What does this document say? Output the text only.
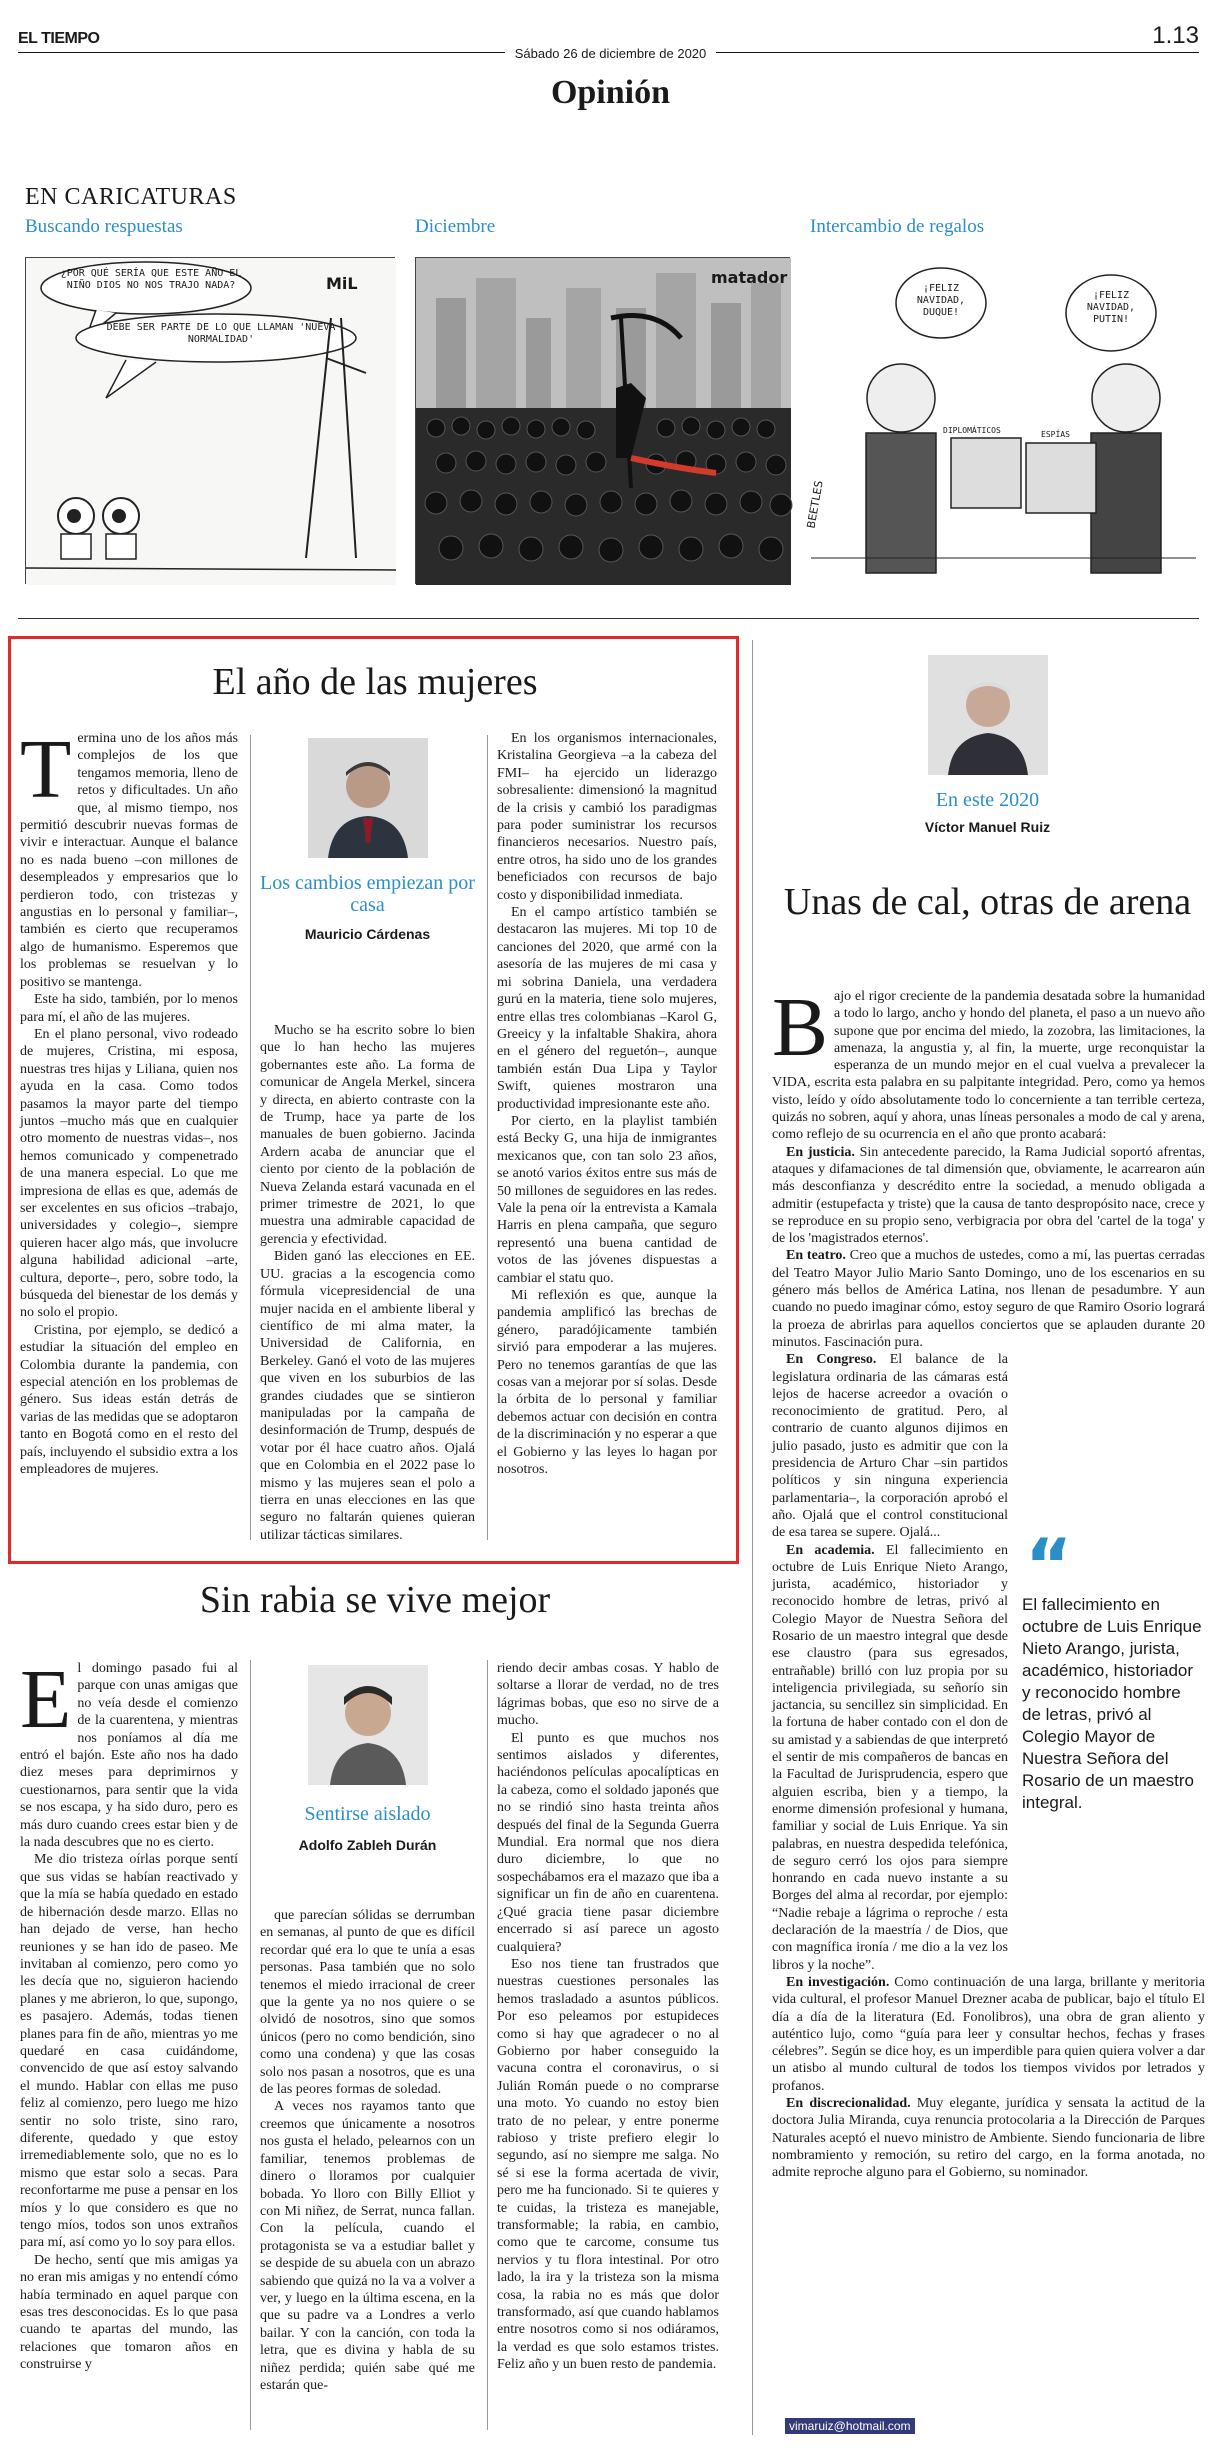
EL TIEMPO
Sábado 26 de diciembre de 2020
1.13
Opinión
EN CARICATURAS
Buscando respuestas	Diciembre	Intercambio de regalos
¿POR QUÉ SERÍA QUE ESTE AÑO EL NIÑO DIOS NO NOS TRAJO NADA?
DEBE SER PARTE DE LO QUE LLAMAN 'NUEVA NORMALIDAD'
MiL	matador
¡FELIZ NAVIDAD, DUQUE!
¡FELIZ NAVIDAD, PUTIN!
DIPLOMÁTICOS	ESPÍAS
BEETLES
El año de las mujeres

Termina uno de los años más complejos de los que tengamos memoria, lleno de retos y dificultades. Un año que, al mismo tiempo, nos permitió descubrir nuevas formas de vivir e interactuar. Aunque el balance no es nada bueno –con millones de desempleados y empresarios que lo perdieron todo, con tristezas y angustias en lo personal y familiar–, también es cierto que recuperamos algo de humanismo. Esperemos que los problemas se resuelvan y lo positivo se mantenga.

Este ha sido, también, por lo menos para mí, el año de las mujeres.

En el plano personal, vivo rodeado de mujeres, Cristina, mi esposa, nuestras tres hijas y Liliana, quien nos ayuda en la casa. Como todos pasamos la mayor parte del tiempo juntos –mucho más que en cualquier otro momento de nuestras vidas–, nos hemos comunicado y compenetrado de una manera especial. Lo que me impresiona de ellas es que, además de ser excelentes en sus oficios –trabajo, universidades y colegio–, siempre quieren hacer algo más, que involucre alguna habilidad adicional –arte, cultura, deporte–, pero, sobre todo, la búsqueda del bienestar de los demás y no solo el propio.

Cristina, por ejemplo, se dedicó a estudiar la situación del empleo en Colombia durante la pandemia, con especial atención en los problemas de género. Sus ideas están detrás de varias de las medidas que se adoptaron tanto en Bogotá como en el resto del país, incluyendo el subsidio extra a los empleadores de mujeres.

Los cambios empiezan por casa
Mauricio Cárdenas

Mucho se ha escrito sobre lo bien que lo han hecho las mujeres gobernantes este año. La forma de comunicar de Angela Merkel, sincera y directa, en abierto contraste con la de Trump, hace ya parte de los manuales de buen gobierno. Jacinda Ardern acaba de anunciar que el ciento por ciento de la población de Nueva Zelanda estará vacunada en el primer trimestre de 2021, lo que muestra una admirable capacidad de gerencia y efectividad.

Biden ganó las elecciones en EE. UU. gracias a la escogencia como fórmula vicepresidencial de una mujer nacida en el ambiente liberal y científico de mi alma mater, la Universidad de California, en Berkeley. Ganó el voto de las mujeres que viven en los suburbios de las grandes ciudades que se sintieron manipuladas por la campaña de desinformación de Trump, después de votar por él hace cuatro años. Ojalá que en Colombia en el 2022 pase lo mismo y las mujeres sean el polo a tierra en unas elecciones en las que seguro no faltarán quienes quieran utilizar tácticas similares.

En los organismos internacionales, Kristalina Georgieva –a la cabeza del FMI– ha ejercido un liderazgo sobresaliente: dimensionó la magnitud de la crisis y cambió los paradigmas para poder suministrar los recursos financieros necesarios. Nuestro país, entre otros, ha sido uno de los grandes beneficiados con recursos de bajo costo y disponibilidad inmediata.

En el campo artístico también se destacaron las mujeres. Mi top 10 de canciones del 2020, que armé con la asesoría de las mujeres de mi casa y mi sobrina Daniela, una verdadera gurú en la materia, tiene solo mujeres, entre ellas tres colombianas –Karol G, Greeicy y la infaltable Shakira, ahora en el género del reguetón–, aunque también están Dua Lipa y Taylor Swift, quienes mostraron una productividad impresionante este año.

Por cierto, en la playlist también está Becky G, una hija de inmigrantes mexicanos que, con tan solo 23 años, se anotó varios éxitos entre sus más de 50 millones de seguidores en las redes. Vale la pena oír la entrevista a Kamala Harris en plena campaña, que seguro representó una buena cantidad de votos de las jóvenes dispuestas a cambiar el statu quo.

Mi reflexión es que, aunque la pandemia amplificó las brechas de género, paradójicamente también sirvió para empoderar a las mujeres. Pero no tenemos garantías de que las cosas van a mejorar por sí solas. Desde la órbita de lo personal y familiar debemos actuar con decisión en contra de la discriminación y no esperar a que el Gobierno y las leyes lo hagan por nosotros.

Sin rabia se vive mejor

El domingo pasado fui al parque con unas amigas que no veía desde el comienzo de la cuarentena, y mientras nos poníamos al día me entró el bajón. Este año nos ha dado diez meses para deprimirnos y cuestionarnos, para sentir que la vida se nos escapa, y ha sido duro, pero es más duro cuando crees estar bien y de la nada descubres que no es cierto.

Me dio tristeza oírlas porque sentí que sus vidas se habían reactivado y que la mía se había quedado en estado de hibernación desde marzo. Ellas no han dejado de verse, han hecho reuniones y se han ido de paseo. Me invitaban al comienzo, pero como yo les decía que no, siguieron haciendo planes y me abrieron, lo que, supongo, es pasajero. Además, todas tienen planes para fin de año, mientras yo me quedaré en casa cuidándome, convencido de que así estoy salvando el mundo. Hablar con ellas me puso feliz al comienzo, pero luego me hizo sentir no solo triste, sino raro, diferente, quedado y que estoy irremediablemente solo, que no es lo mismo que estar solo a secas. Para reconfortarme me puse a pensar en los míos y lo que considero es que no tengo míos, todos son unos extraños para mí, así como yo lo soy para ellos.

De hecho, sentí que mis amigas ya no eran mis amigas y no entendí cómo había terminado en aquel parque con esas tres desconocidas. Es lo que pasa cuando te apartas del mundo, las relaciones que tomaron años en construirse y

Sentirse aislado
Adolfo Zableh Durán

que parecían sólidas se derrumban en semanas, al punto de que es difícil recordar qué era lo que te unía a esas personas. Pasa también que no solo tenemos el miedo irracional de creer que la gente ya no nos quiere o se olvidó de nosotros, sino que somos únicos (pero no como bendición, sino como una condena) y que las cosas solo nos pasan a nosotros, que es una de las peores formas de soledad.

A veces nos rayamos tanto que creemos que únicamente a nosotros nos gusta el helado, pelearnos con un familiar, tenemos problemas de dinero o lloramos por cualquier bobada. Yo lloro con Billy Elliot y con Mi niñez, de Serrat, nunca fallan. Con la película, cuando el protagonista se va a estudiar ballet y se despide de su abuela con un abrazo sabiendo que quizá no la va a volver a ver, y luego en la última escena, en la que su padre va a Londres a verlo bailar. Y con la canción, con toda la letra, que es divina y habla de su niñez perdida; quién sabe qué me estarán que-

riendo decir ambas cosas. Y hablo de soltarse a llorar de verdad, no de tres lágrimas bobas, que eso no sirve de a mucho.

El punto es que muchos nos sentimos aislados y diferentes, haciéndonos películas apocalípticas en la cabeza, como el soldado japonés que no se rindió sino hasta treinta años después del final de la Segunda Guerra Mundial. Era normal que nos diera duro diciembre, lo que no sospechábamos era el mazazo que iba a significar un fin de año en cuarentena. ¿Qué gracia tiene pasar diciembre encerrado si así parece un agosto cualquiera?

Eso nos tiene tan frustrados que nuestras cuestiones personales las hemos trasladado a asuntos públicos. Por eso peleamos por estupideces como si hay que agradecer o no al Gobierno por haber conseguido la vacuna contra el coronavirus, o si Julián Román puede o no comprarse una moto. Yo cuando no estoy bien trato de no pelear, y entre ponerme rabioso y triste prefiero elegir lo segundo, así no siempre me salga. No sé si ese la forma acertada de vivir, pero me ha funcionado. Si te quieres y te cuidas, la tristeza es manejable, transformable; la rabia, en cambio, como que te carcome, consume tus nervios y tu flora intestinal. Por otro lado, la ira y la tristeza son la misma cosa, la rabia no es más que dolor transformado, así que cuando hablamos entre nosotros como si nos odiáramos, la verdad es que solo estamos tristes. Feliz año y un buen resto de pandemia.

En este 2020
Víctor Manuel Ruiz
Unas de cal, otras de arena

Bajo el rigor creciente de la pandemia desatada sobre la humanidad a todo lo largo, ancho y hondo del planeta, el paso a un nuevo año supone que por encima del miedo, la zozobra, las limitaciones, la amenaza, la angustia y, al fin, la muerte, urge reconquistar la esperanza de un mundo mejor en el cual vuelva a prevalecer la VIDA, escrita esta palabra en su palpitante integridad. Pero, como ya hemos visto, leído y oído absolutamente todo lo concerniente a tan terrible certeza, quizás no sobren, aquí y ahora, unas líneas personales a modo de cal y arena, como reflejo de su ocurrencia en el año que pronto acabará:

En justicia. Sin antecedente parecido, la Rama Judicial soportó afrentas, ataques y difamaciones de tal dimensión que, obviamente, le acarrearon aún más desconfianza y descrédito entre la sociedad, a menudo obligada a admitir (estupefacta y triste) que la causa de tanto despropósito nace, crece y se reproduce en su propio seno, verbigracia por obra del 'cartel de la toga' y de los 'magistrados eternos'.

En teatro. Creo que a muchos de ustedes, como a mí, las puertas cerradas del Teatro Mayor Julio Mario Santo Domingo, uno de los escenarios en su género más bellos de América Latina, nos llenan de pesadumbre. Y aun cuando no puedo imaginar cómo, estoy seguro de que Ramiro Osorio logrará la proeza de abrirlas para aquellos conciertos que se aplauden durante 20 minutos. Fascinación pura.

En Congreso. El balance de la legislatura ordinaria de las cámaras está lejos de hacerse acreedor a ovación o reconocimiento de gratitud. Pero, al contrario de cuanto algunos dijimos en julio pasado, justo es admitir que con la presidencia de Arturo Char –sin partidos políticos y sin ninguna experiencia parlamentaria–, la corporación aprobó el año. Ojalá que el control constitucional de esa tarea se supere. Ojalá...

En academia. El fallecimiento en octubre de Luis Enrique Nieto Arango, jurista, académico, historiador y reconocido hombre de letras, privó al Colegio Mayor de Nuestra Señora del Rosario de un maestro integral que desde ese claustro (para sus egresados, entrañable) brilló con luz propia por su inteligencia privilegiada, su señorío sin jactancia, su sencillez sin simplicidad. En la fortuna de haber contado con el don de su amistad y a sabiendas de que interpretó el sentir de mis compañeros de bancas en la Facultad de Jurisprudencia, espero que alguien escriba, bien y a tiempo, la enorme dimensión profesional y humana, familiar y social de Luis Enrique. Ya sin palabras, en nuestra despedida telefónica, de seguro cerró los ojos para siempre honrando en cada nuevo instante a su Borges del alma al recordar, por ejemplo: “Nadie rebaje a lágrima o reproche / esta declaración de la maestría / de Dios, que con magnífica ironía / me dio a la vez los libros y la noche”.

En investigación. Como continuación de una larga, brillante y meritoria vida cultural, el profesor Manuel Drezner acaba de publicar, bajo el título El día a día de la literatura (Ed. Fonolibros), una obra de gran aliento y auténtico lujo, como “guía para leer y consultar hechos, fechas y frases célebres”. Según se dice hoy, es un imperdible para quien quiera volver a dar un atisbo al mundo cultural de todos los tiempos vividos por letrados y profanos.

En discrecionalidad. Muy elegante, jurídica y sensata la actitud de la doctora Julia Miranda, cuya renuncia protocolaria a la Dirección de Parques Naturales aceptó el nuevo ministro de Ambiente. Siendo funcionaria de libre nombramiento y remoción, su retiro del cargo, en la forma anotada, no admite reproche alguno para el Gobierno, su nominador.

“
El fallecimiento en octubre de Luis Enrique Nieto Arango, jurista, académico, historiador y reconocido hombre de letras, privó al Colegio Mayor de Nuestra Señora del Rosario de un maestro integral.
vimaruiz@hotmail.com
